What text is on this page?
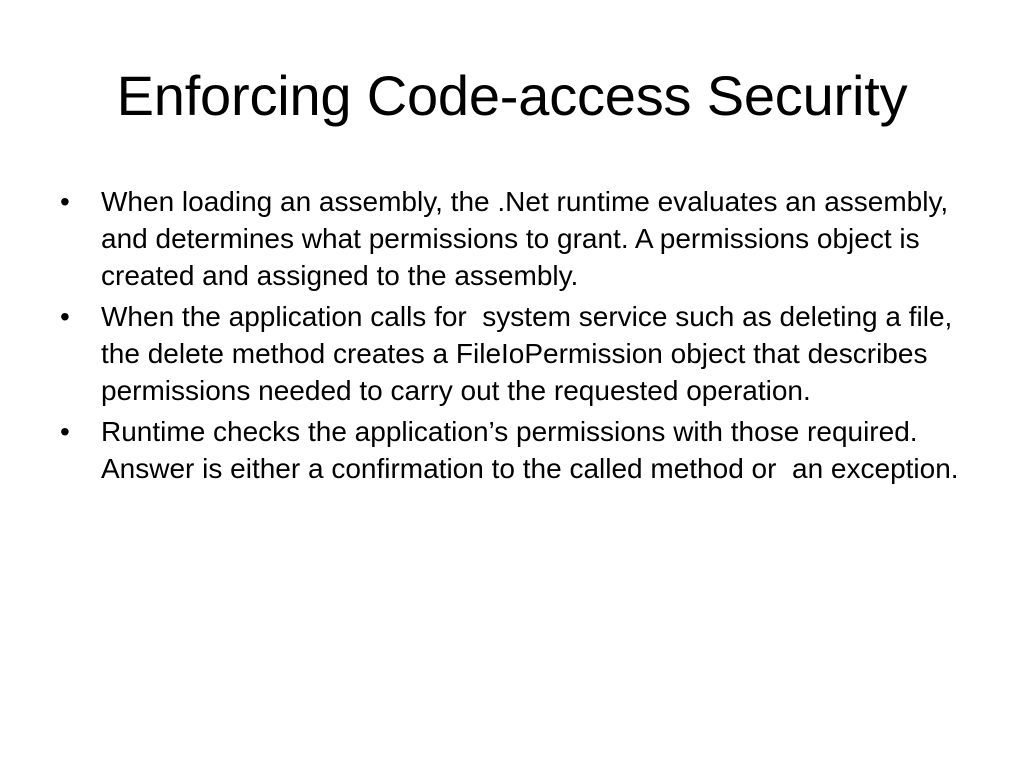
Enforcing Code-access Security
• When loading an assembly, the .Net runtime evaluates an assembly, and determines what permissions to grant. A permissions object is created and assigned to the assembly.
• When the application calls for  system service such as deleting a file, the delete method creates a FileIoPermission object that describes permissions needed to carry out the requested operation.
• Runtime checks the application’s permissions with those required. Answer is either a confirmation to the called method or  an exception.
